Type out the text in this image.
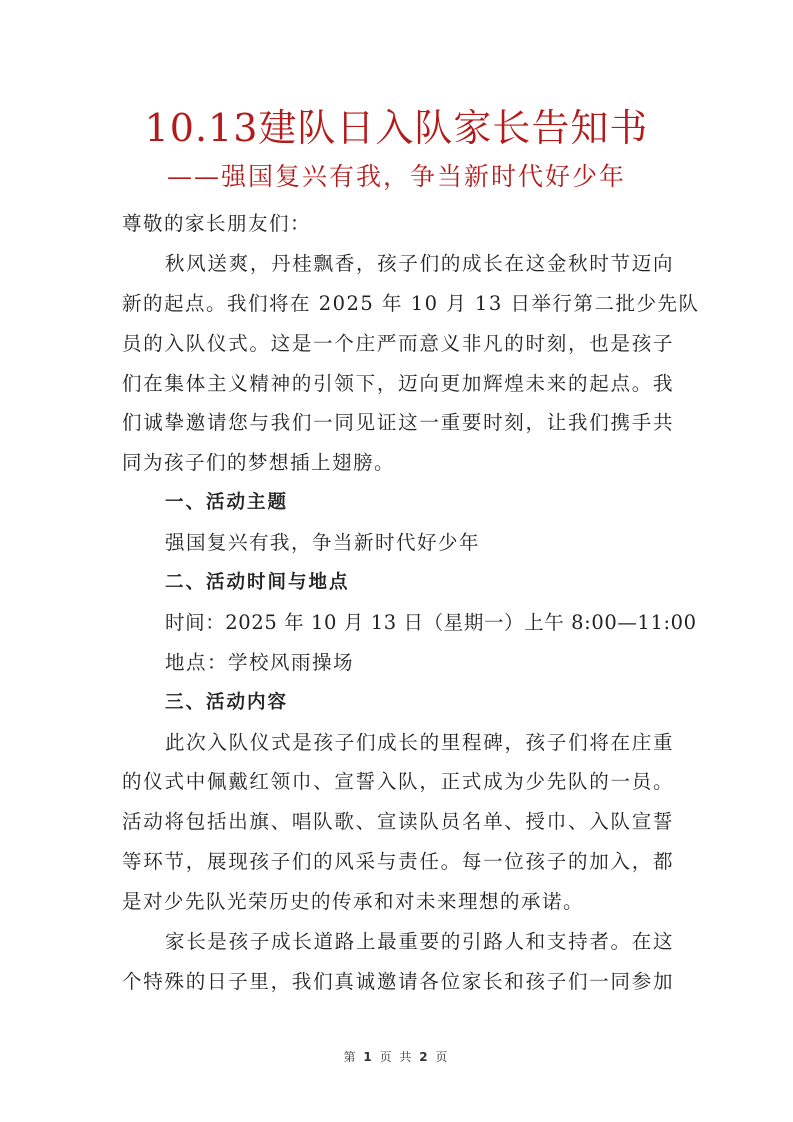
10.13建队日入队家长告知书
——强国复兴有我，争当新时代好少年
尊敬的家长朋友们：
秋风送爽，丹桂飘香，孩子们的成长在这金秋时节迈向
新的起点。我们将在 2025 年 10 月 13 日举行第二批少先队
员的入队仪式。这是一个庄严而意义非凡的时刻，也是孩子
们在集体主义精神的引领下，迈向更加辉煌未来的起点。我
们诚挚邀请您与我们一同见证这一重要时刻，让我们携手共
同为孩子们的梦想插上翅膀。
一、活动主题
强国复兴有我，争当新时代好少年
二、活动时间与地点
时间：2025 年 10 月 13 日（星期一）上午 8:00—11:00
地点：学校风雨操场
三、活动内容
此次入队仪式是孩子们成长的里程碑，孩子们将在庄重
的仪式中佩戴红领巾、宣誓入队，正式成为少先队的一员。
活动将包括出旗、唱队歌、宣读队员名单、授巾、入队宣誓
等环节，展现孩子们的风采与责任。每一位孩子的加入，都
是对少先队光荣历史的传承和对未来理想的承诺。
家长是孩子成长道路上最重要的引路人和支持者。在这
个特殊的日子里，我们真诚邀请各位家长和孩子们一同参加
第 1 页 共 2 页
